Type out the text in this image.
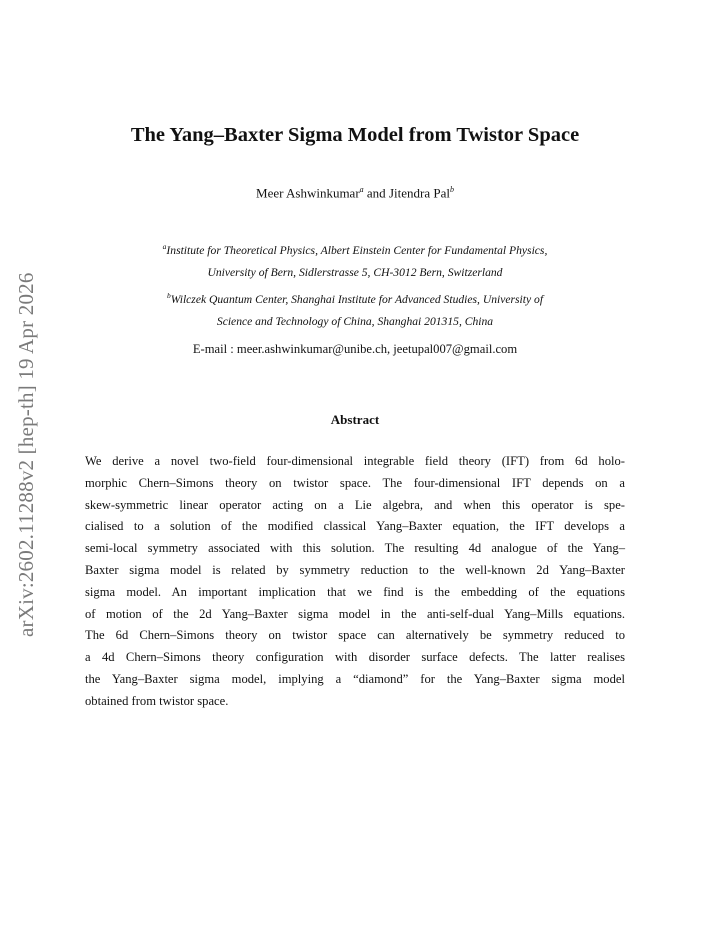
arXiv:2602.11288v2 [hep-th] 19 Apr 2026
The Yang–Baxter Sigma Model from Twistor Space
Meer Ashwinkumar$^a$ and Jitendra Pal$^b$
$^a$Institute for Theoretical Physics, Albert Einstein Center for Fundamental Physics,
University of Bern, Sidlerstrasse 5, CH-3012 Bern, Switzerland
$^b$Wilczek Quantum Center, Shanghai Institute for Advanced Studies, University of
Science and Technology of China, Shanghai 201315, China
E-mail : meer.ashwinkumar@unibe.ch, jeetupal007@gmail.com
Abstract
We derive a novel two-field four-dimensional integrable field theory (IFT) from 6d holo-
morphic Chern–Simons theory on twistor space. The four-dimensional IFT depends on a
skew-symmetric linear operator acting on a Lie algebra, and when this operator is spe-
cialised to a solution of the modified classical Yang–Baxter equation, the IFT develops a
semi-local symmetry associated with this solution. The resulting 4d analogue of the Yang–
Baxter sigma model is related by symmetry reduction to the well-known 2d Yang–Baxter
sigma model. An important implication that we find is the embedding of the equations
of motion of the 2d Yang–Baxter sigma model in the anti-self-dual Yang–Mills equations.
The 6d Chern–Simons theory on twistor space can alternatively be symmetry reduced to
a 4d Chern–Simons theory configuration with disorder surface defects. The latter realises
the Yang–Baxter sigma model, implying a “diamond” for the Yang–Baxter sigma model
obtained from twistor space.
